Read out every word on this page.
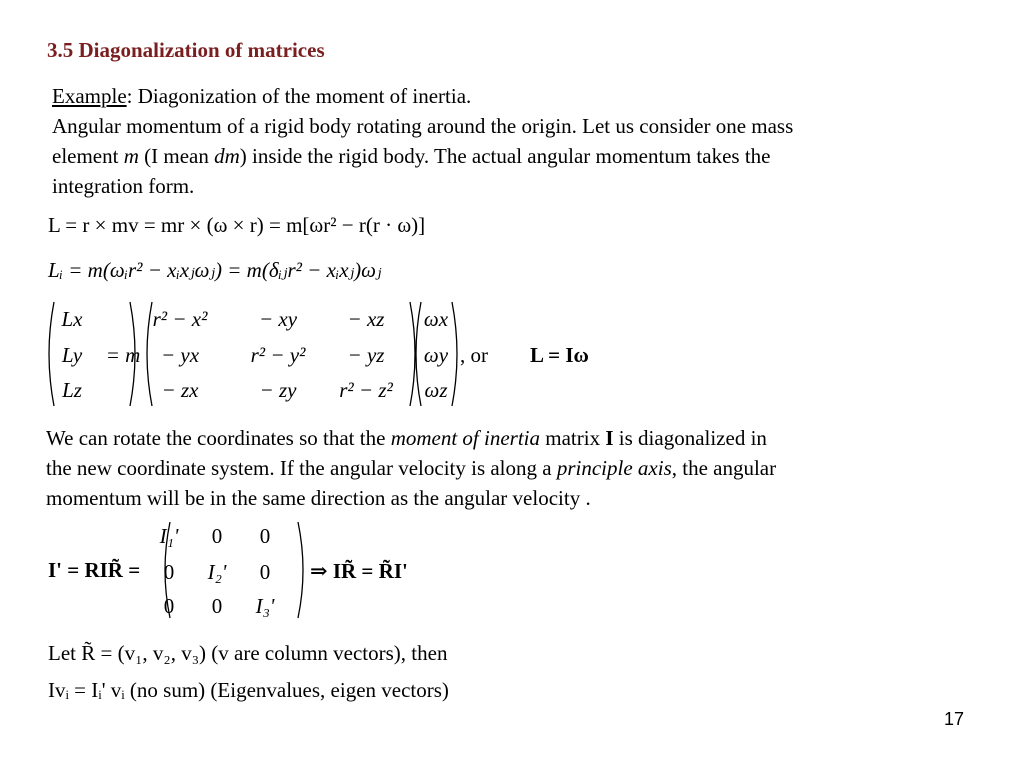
3.5 Diagonalization of matrices
Example: Diagonization of the moment of inertia.
Angular momentum of a rigid body rotating around the origin. Let us consider one mass
element m (I mean dm) inside the rigid body. The actual angular momentum takes the
integration form.
L = r × mv = mr × (ω × r) = m[ωr² − r(r · ω)]
Lᵢ = m(ωᵢr² − xᵢxⱼωⱼ) = m(δᵢⱼr² − xᵢxⱼ)ωⱼ
Lx
Ly
Lz
= m
r² − x²	− xy	− xz
− yx	r² − y²	− yz
− zx	− zy	r² − z²
ωx
ωy
ωz
, or L = Iω
We can rotate the coordinates so that the moment of inertia matrix I is diagonalized in
the new coordinate system. If the angular velocity is along a principle axis, the angular
momentum will be in the same direction as the angular velocity .
I' = RIR̃ =
I₁'	0	0
0	I₂'	0
0	0	I₃'
⇒ IR̃ = R̃I'
Let R̃ = (v₁, v₂, v₃) (v are column vectors), then
Ivᵢ = Iᵢ' vᵢ (no sum) (Eigenvalues, eigen vectors)
17
